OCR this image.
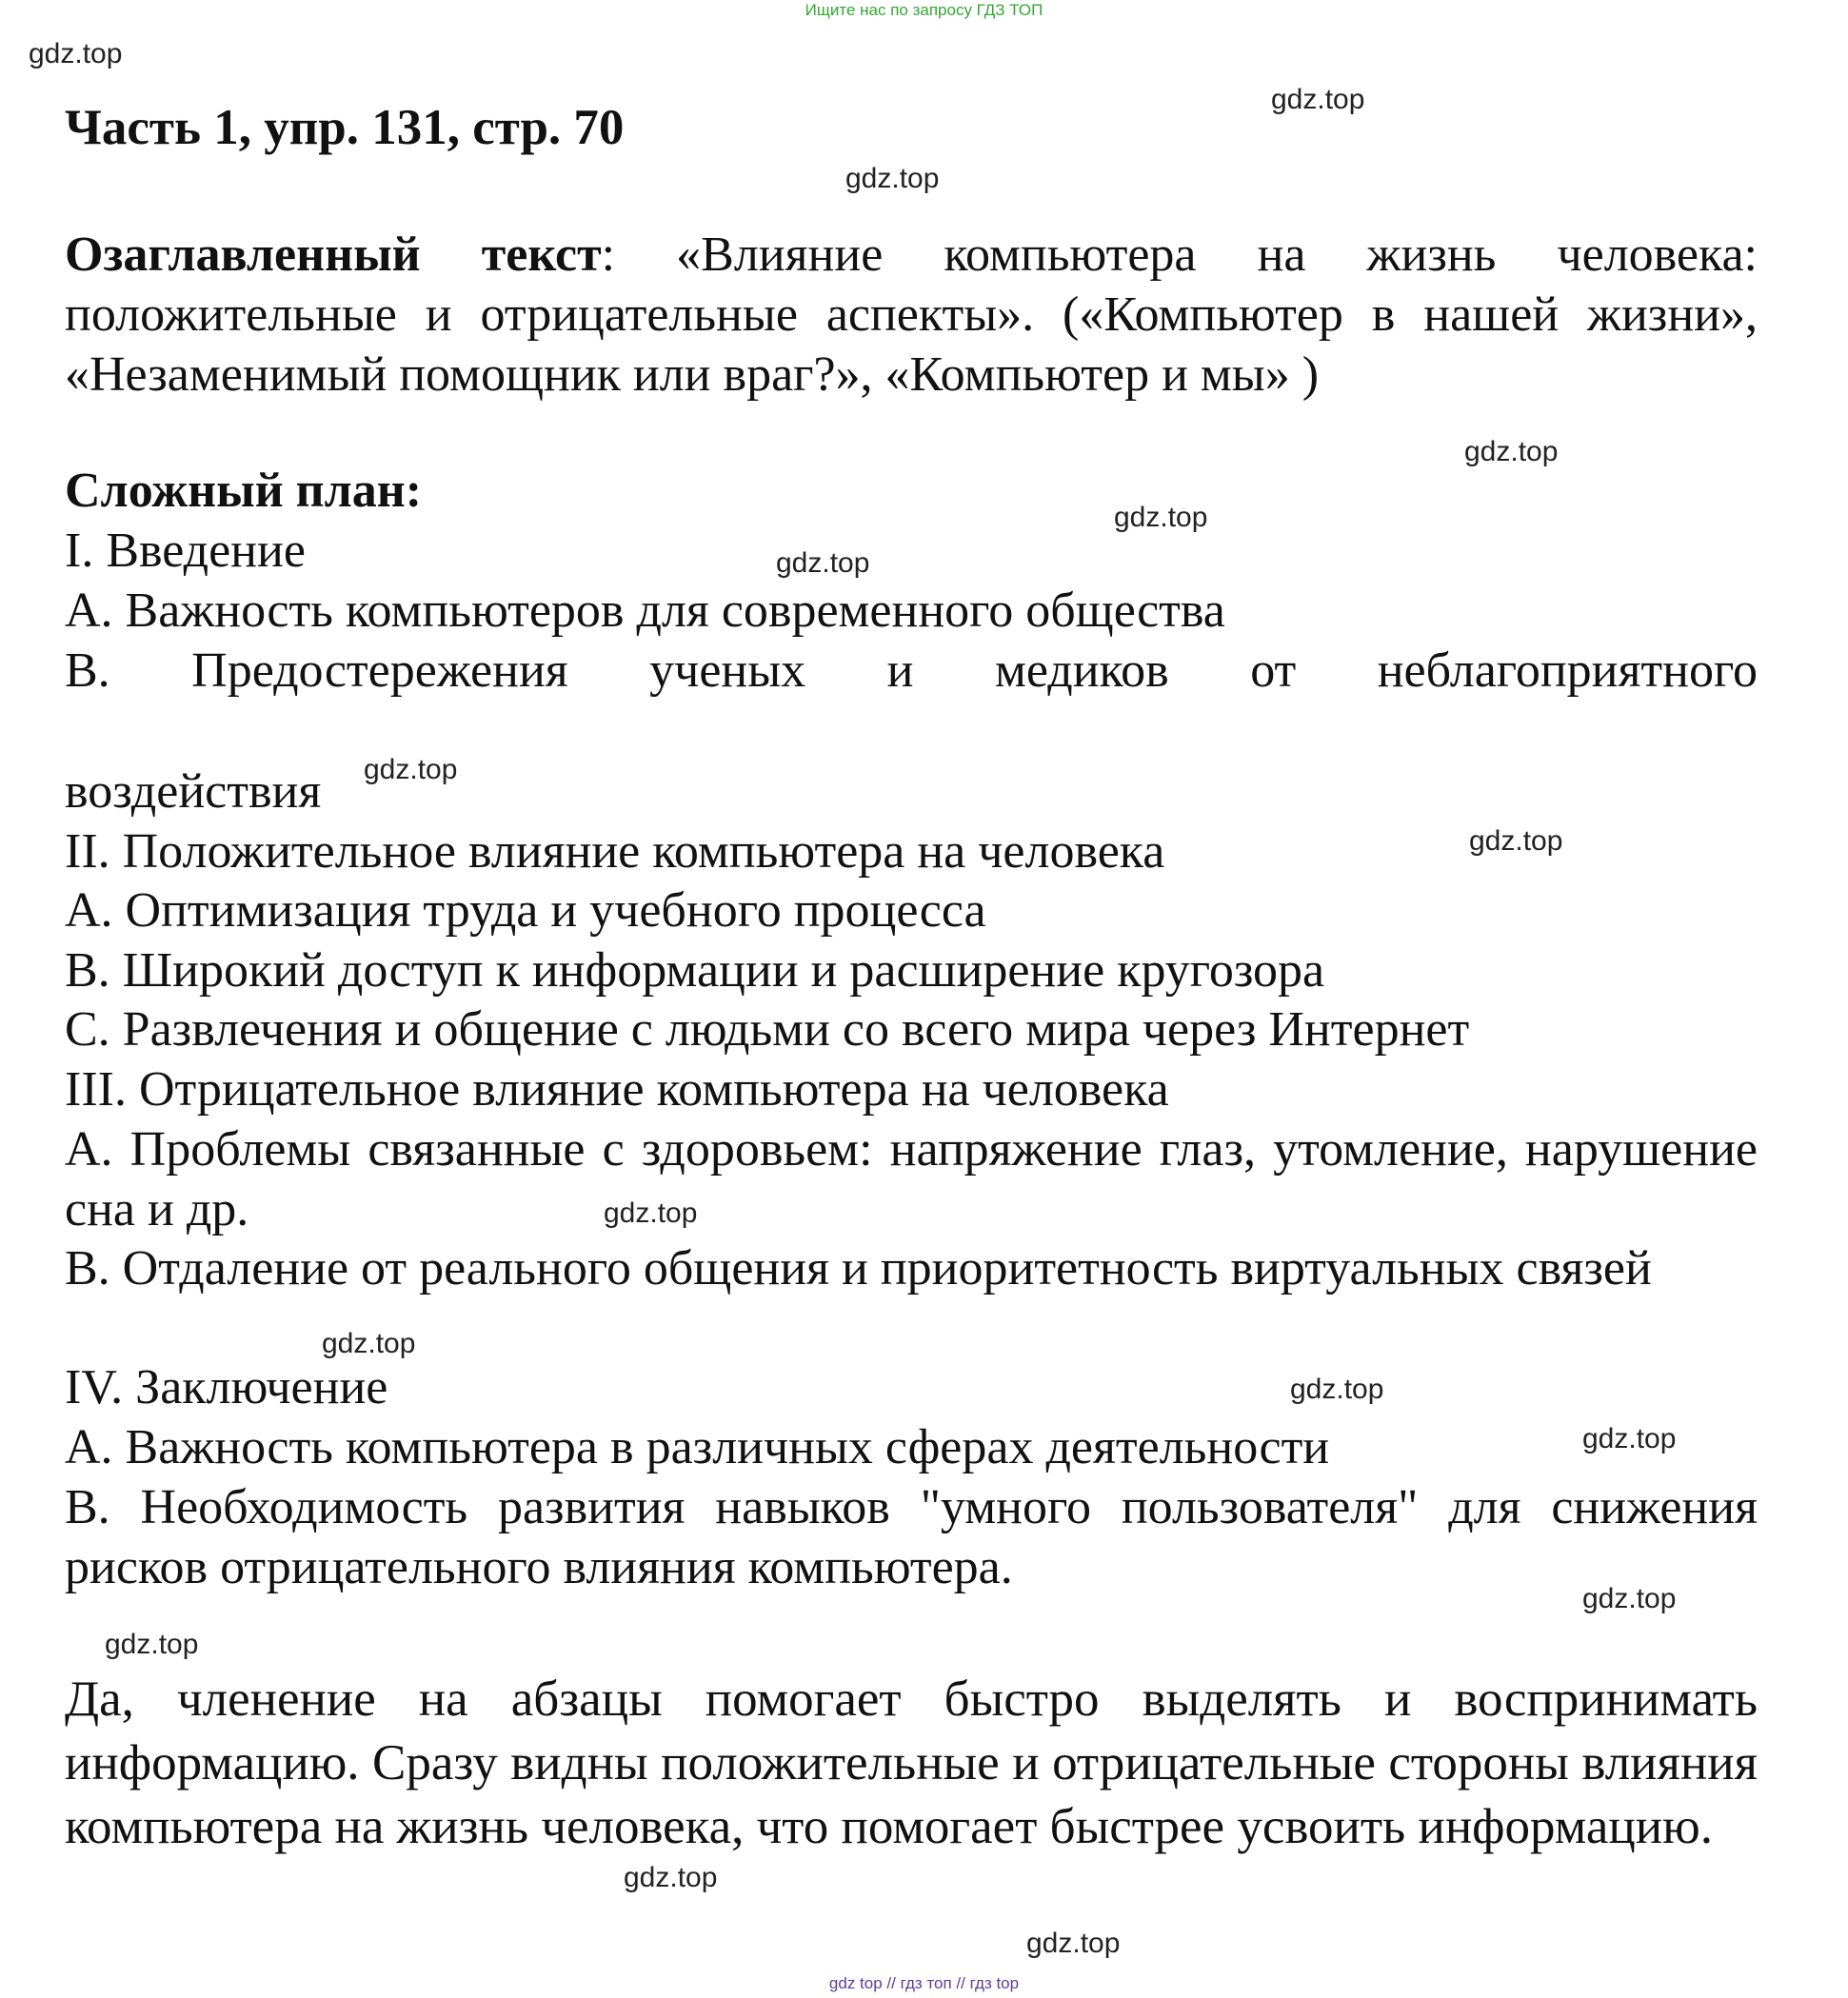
Ищите нас по запросу ГДЗ ТОП
gdz.top
gdz.top
gdz.top
gdz.top
gdz.top
gdz.top
gdz.top
gdz.top
gdz.top
gdz.top
gdz.top
gdz.top
gdz.top
gdz.top
gdz.top
gdz.top
Часть 1, упр. 131, стр. 70
Озаглавленный текст: «Влияние компьютера на жизнь человека: положительные и отрицательные аспекты». («Компьютер в нашей жизни», «Незаменимый помощник или враг?», «Компьютер и мы» )
Сложный план:
I. Введение
А. Важность компьютеров для современного общества
В. Предостережения ученых и медиков от неблагоприятного
воздействия
II. Положительное влияние компьютера на человека
А. Оптимизация труда и учебного процесса
В. Широкий доступ к информации и расширение кругозора
С. Развлечения и общение с людьми со всего мира через Интернет
III. Отрицательное влияние компьютера на человека
А. Проблемы связанные с здоровьем: напряжение глаз, утомление, нарушение сна и др.
В. Отдаление от реального общения и приоритетность виртуальных связей
IV. Заключение
А. Важность компьютера в различных сферах деятельности
В. Необходимость развития навыков "умного пользователя" для снижения рисков отрицательного влияния компьютера.
Да, членение на абзацы помогает быстро выделять и воспринимать информацию. Сразу видны положительные и отрицательные стороны влияния компьютера на жизнь человека, что помогает быстрее усвоить информацию.
gdz top // гдз топ // гдз top
